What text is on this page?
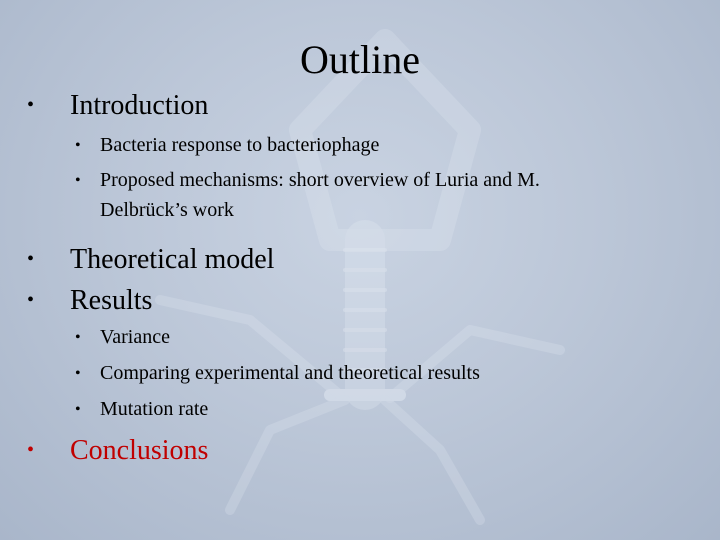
Outline
• Introduction
• Bacteria response to bacteriophage
• Proposed mechanisms: short overview of Luria and M.
Delbrück’s work
• Theoretical model
• Results
• Variance
• Comparing experimental and theoretical results
• Mutation rate
• Conclusions
